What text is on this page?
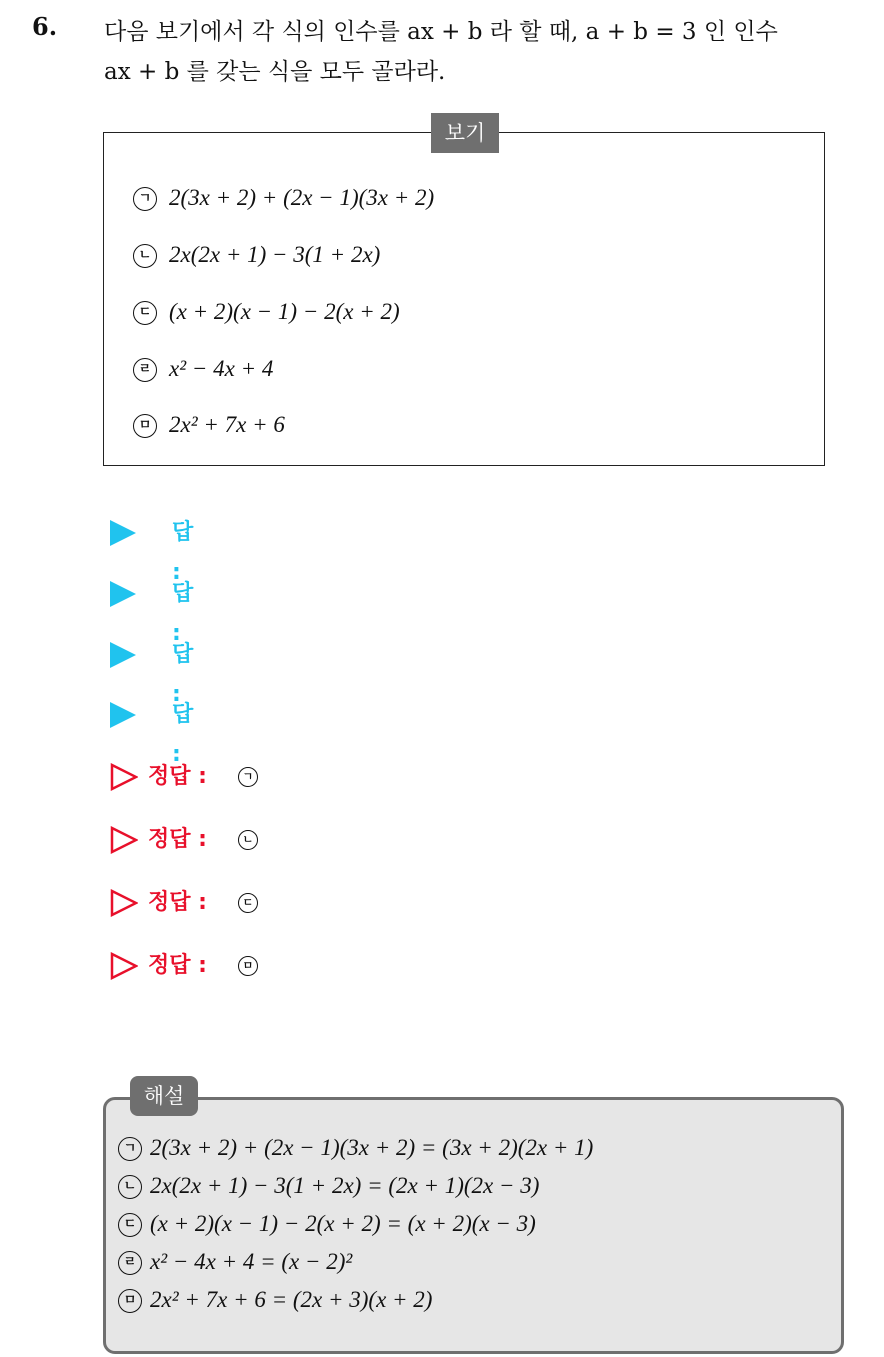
6. 다음 보기에서 각 식의 인수를 ax + b 라 할 때, a + b = 3 인 인수
ax + b 를 갖는 식을 모두 골라라.
보기
ㄱ 2(3x + 2) + (2x − 1)(3x + 2)
ㄴ 2x(2x + 1) − 3(1 + 2x)
ㄷ (x + 2)(x − 1) − 2(x + 2)
ㄹ x² − 4x + 4
ㅁ 2x² + 7x + 6
답 :
답 :
답 :
답 :
정답 :	ㄱ
정답 :	ㄴ
정답 :	ㄷ
정답 :	ㅁ
해설
ㄱ 2(3x + 2) + (2x − 1)(3x + 2) = (3x + 2)(2x + 1)
ㄴ 2x(2x + 1) − 3(1 + 2x) = (2x + 1)(2x − 3)
ㄷ (x + 2)(x − 1) − 2(x + 2) = (x + 2)(x − 3)
ㄹ x² − 4x + 4 = (x − 2)²
ㅁ 2x² + 7x + 6 = (2x + 3)(x + 2)
